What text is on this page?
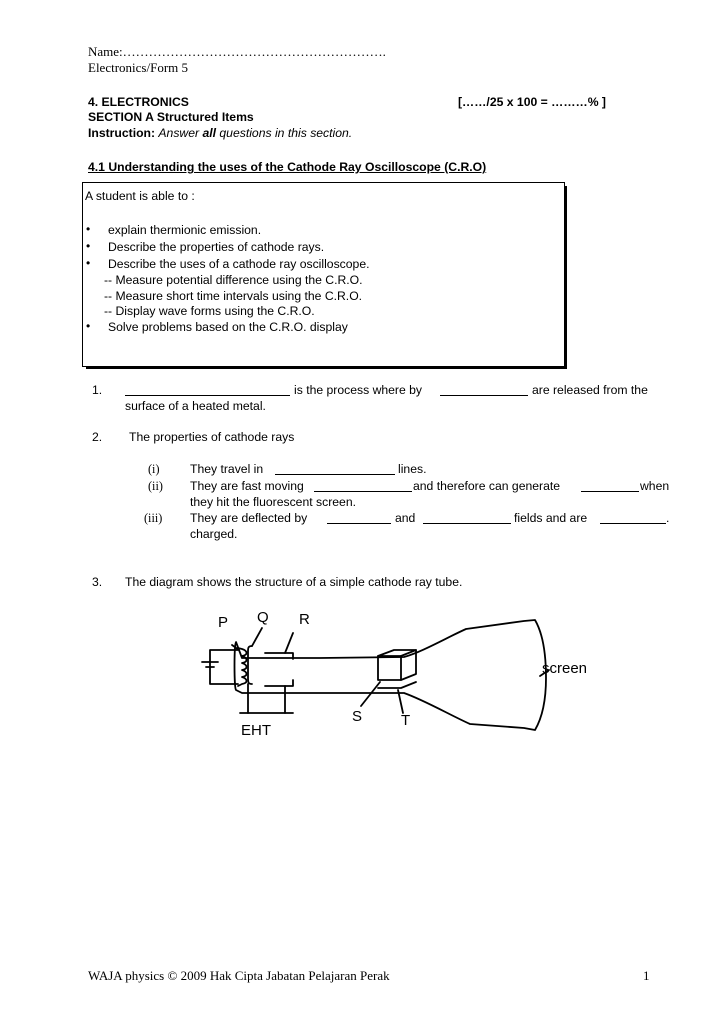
Name:…………………………………………………….
Electronics/Form 5
4. ELECTRONICS	[……/25 x 100 = ………% ]
SECTION A Structured Items
Instruction: Answer all questions in this section.
4.1 Understanding the uses of the Cathode Ray Oscilloscope (C.R.O)
A student is able to :
• explain thermionic emission.
• Describe the properties of cathode rays.
• Describe the uses of a cathode ray oscilloscope.
-- Measure potential difference using the C.R.O.
-- Measure short time intervals using the C.R.O.
-- Display wave forms using the C.R.O.
• Solve problems based on the C.R.O. display
1.	is the process where by	are released from the
surface of a heated metal.
2. The properties of cathode rays
(i) They travel in	lines.
(ii) They are fast moving	and therefore can generate	when
they hit the fluorescent screen.
(iii) They are deflected by	and	fields and are	.
charged.
3. The diagram shows the structure of a simple cathode ray tube.
P Q R
S	T
EHT
screen
WAJA physics © 2009 Hak Cipta Jabatan Pelajaran Perak	1
